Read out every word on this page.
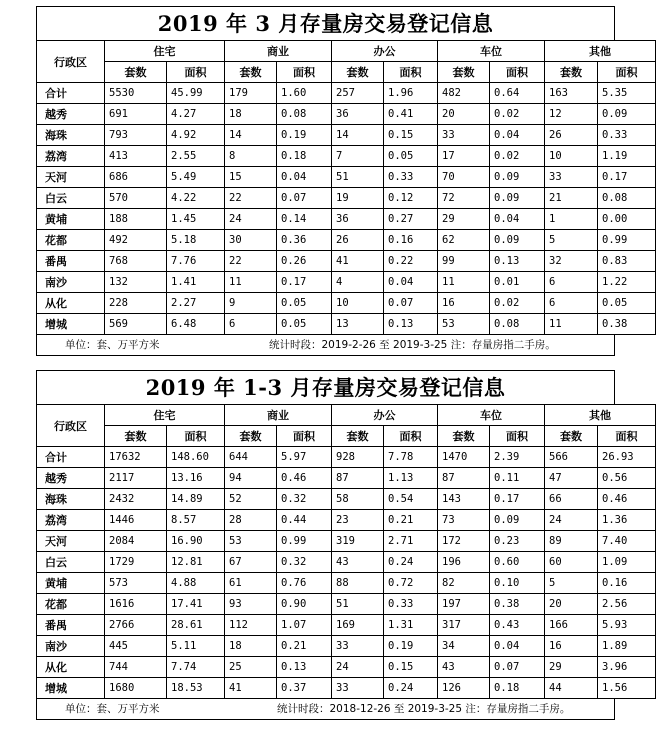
2019 年 3 月存量房交易登记信息
行政区	住宅		商业		办公		车位		其他	
	套数	面积	套数	面积	套数	面积	套数	面积	套数	面积
合计	5530	45.99	179	1.60	257	1.96	482	0.64	163	5.35
越秀	691	4.27	18	0.08	36	0.41	20	0.02	12	0.09
海珠	793	4.92	14	0.19	14	0.15	33	0.04	26	0.33
荔湾	413	2.55	8	0.18	7	0.05	17	0.02	10	1.19
天河	686	5.49	15	0.04	51	0.33	70	0.09	33	0.17
白云	570	4.22	22	0.07	19	0.12	72	0.09	21	0.08
黄埔	188	1.45	24	0.14	36	0.27	29	0.04	1	0.00
花都	492	5.18	30	0.36	26	0.16	62	0.09	5	0.99
番禺	768	7.76	22	0.26	41	0.22	99	0.13	32	0.83
南沙	132	1.41	11	0.17	4	0.04	11	0.01	6	1.22
从化	228	2.27	9	0.05	10	0.07	16	0.02	6	0.05
增城	569	6.48	6	0.05	13	0.13	53	0.08	11	0.38
单位：套、万平方米	统计时段：2019-2-26 至 2019-3-25 注：存量房指二手房。
2019 年 1-3 月存量房交易登记信息
行政区	住宅		商业		办公		车位		其他	
	套数	面积	套数	面积	套数	面积	套数	面积	套数	面积
合计	17632	148.60	644	5.97	928	7.78	1470	2.39	566	26.93
越秀	2117	13.16	94	0.46	87	1.13	87	0.11	47	0.56
海珠	2432	14.89	52	0.32	58	0.54	143	0.17	66	0.46
荔湾	1446	8.57	28	0.44	23	0.21	73	0.09	24	1.36
天河	2084	16.90	53	0.99	319	2.71	172	0.23	89	7.40
白云	1729	12.81	67	0.32	43	0.24	196	0.60	60	1.09
黄埔	573	4.88	61	0.76	88	0.72	82	0.10	5	0.16
花都	1616	17.41	93	0.90	51	0.33	197	0.38	20	2.56
番禺	2766	28.61	112	1.07	169	1.31	317	0.43	166	5.93
南沙	445	5.11	18	0.21	33	0.19	34	0.04	16	1.89
从化	744	7.74	25	0.13	24	0.15	43	0.07	29	3.96
增城	1680	18.53	41	0.37	33	0.24	126	0.18	44	1.56
单位：套、万平方米	统计时段：2018-12-26 至 2019-3-25 注：存量房指二手房。
